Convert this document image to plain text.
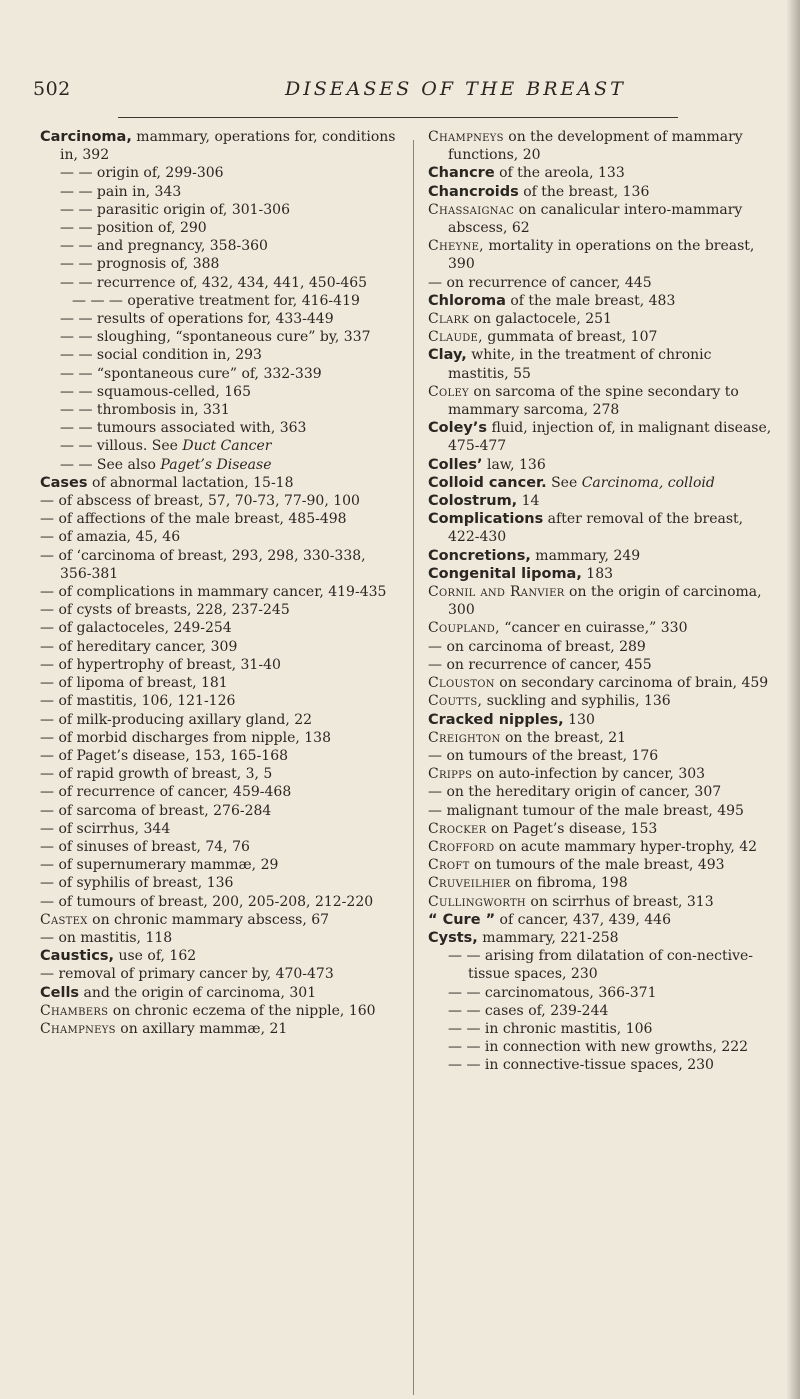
502	DISEASES OF THE BREAST
Carcinoma, mammary, operations for, conditions in, 392
— — origin of, 299-306
— — pain in, 343
— — parasitic origin of, 301-306
— — position of, 290
— — and pregnancy, 358-360
— — prognosis of, 388
— — recurrence of, 432, 434, 441, 450-465
— — — operative treatment for, 416-419
— — results of operations for, 433-449
— — sloughing, “spontaneous cure” by, 337
— — social condition in, 293
— — “spontaneous cure” of, 332-339
— — squamous-celled, 165
— — thrombosis in, 331
— — tumours associated with, 363
— — villous. See Duct Cancer
— — See also Paget’s Disease
Cases of abnormal lactation, 15-18
— of abscess of breast, 57, 70-73, 77-90, 100
— of affections of the male breast, 485-498
— of amazia, 45, 46
— of ‘carcinoma of breast, 293, 298, 330-338, 356-381
— of complications in mammary cancer, 419-435
— of cysts of breasts, 228, 237-245
— of galactoceles, 249-254
— of hereditary cancer, 309
— of hypertrophy of breast, 31-40
— of lipoma of breast, 181
— of mastitis, 106, 121-126
— of milk-producing axillary gland, 22
— of morbid discharges from nipple, 138
— of Paget’s disease, 153, 165-168
— of rapid growth of breast, 3, 5
— of recurrence of cancer, 459-468
— of sarcoma of breast, 276-284
— of scirrhus, 344
— of sinuses of breast, 74, 76
— of supernumerary mammæ, 29
— of syphilis of breast, 136
— of tumours of breast, 200, 205-208, 212-220
Castex on chronic mammary abscess, 67
— on mastitis, 118
Caustics, use of, 162
— removal of primary cancer by, 470-473
Cells and the origin of carcinoma, 301
Chambers on chronic eczema of the nipple, 160
Champneys on axillary mammæ, 21
Champneys on the development of mammary functions, 20
Chancre of the areola, 133
Chancroids of the breast, 136
Chassaignac on canalicular intero-mammary abscess, 62
Cheyne, mortality in operations on the breast, 390
— on recurrence of cancer, 445
Chloroma of the male breast, 483
Clark on galactocele, 251
Claude, gummata of breast, 107
Clay, white, in the treatment of chronic mastitis, 55
Coley on sarcoma of the spine secondary to mammary sarcoma, 278
Coley’s fluid, injection of, in malignant disease, 475-477
Colles’ law, 136
Colloid cancer. See Carcinoma, colloid
Colostrum, 14
Complications after removal of the breast, 422-430
Concretions, mammary, 249
Congenital lipoma, 183
Cornil and Ranvier on the origin of carcinoma, 300
Coupland, “cancer en cuirasse,” 330
— on carcinoma of breast, 289
— on recurrence of cancer, 455
Clouston on secondary carcinoma of brain, 459
Coutts, suckling and syphilis, 136
Cracked nipples, 130
Creighton on the breast, 21
— on tumours of the breast, 176
Cripps on auto-infection by cancer, 303
— on the hereditary origin of cancer, 307
— malignant tumour of the male breast, 495
Crocker on Paget’s disease, 153
Crofford on acute mammary hyper-trophy, 42
Croft on tumours of the male breast, 493
Cruveilhier on fibroma, 198
Cullingworth on scirrhus of breast, 313
“ Cure ” of cancer, 437, 439, 446
Cysts, mammary, 221-258
— — arising from dilatation of con-nective-tissue spaces, 230
— — carcinomatous, 366-371
— — cases of, 239-244
— — in chronic mastitis, 106
— — in connection with new growths, 222
— — in connective-tissue spaces, 230
